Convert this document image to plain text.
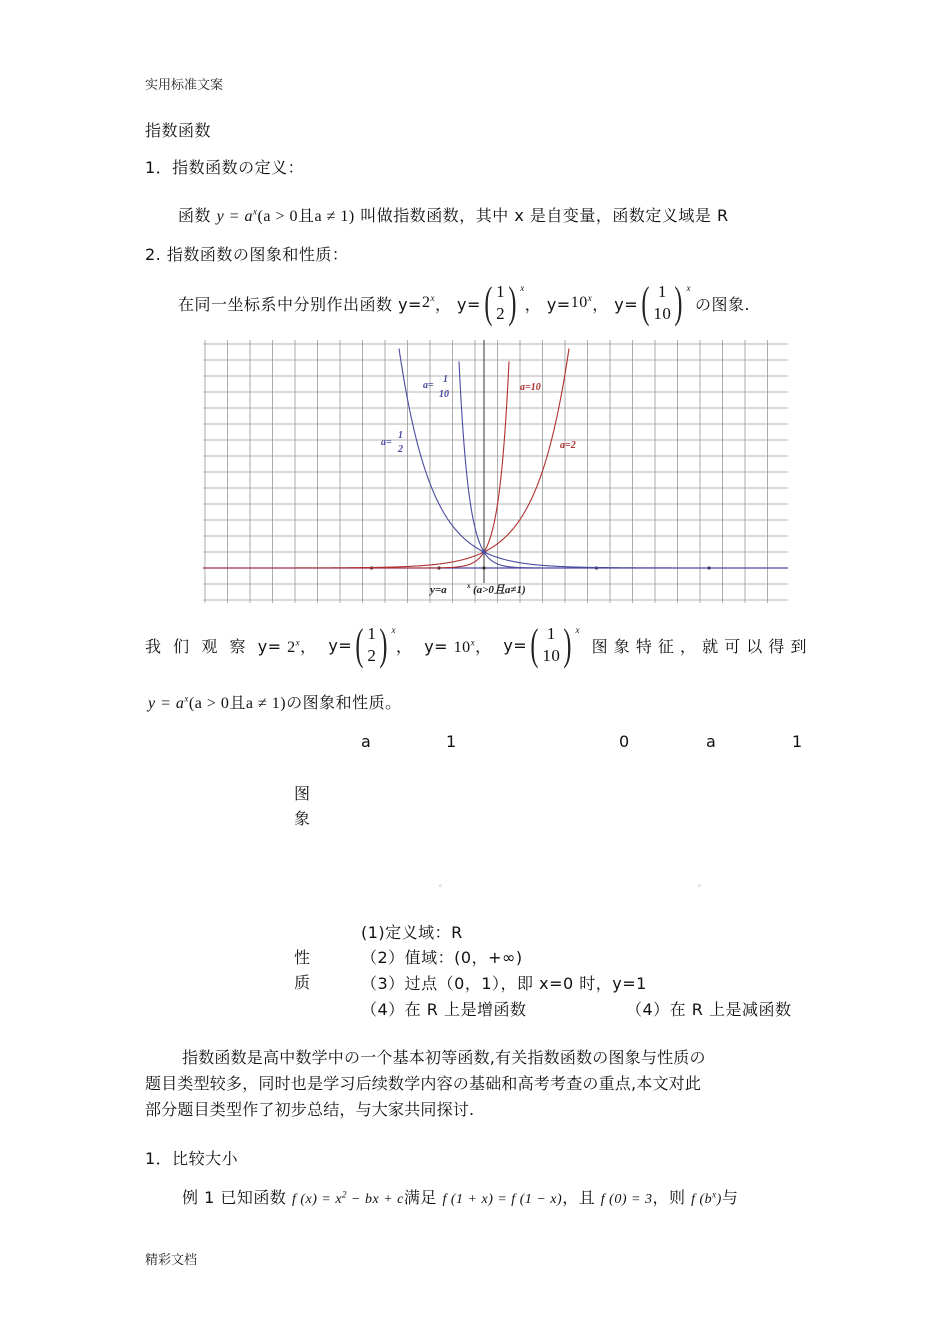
实用标准文案
精彩文档
指数函数
1．指数函数の定义：
函数 $y = a^x(a > 0$且a ≠ 1) 叫做指数函数，其中 x 是自变量，函数定义域是 R
2. 指数函数の图象和性质：
在同一坐标系中分别作出函数 y= 2 x ， y= ( 1
2 ) x
， y= 10 x ， y= ( 1
10 ) x
の图象.
a=10
a=2
a=
1
2
a=
1
10
y=a	x (a>0且a≠1)
我 们 观 察 $y= 2^x$， y= ( 1
2 ) x
， $y= 10^x$， y= ( 1
10 ) x
图 象 特 征 ， 就 可 以 得 到
$y = a^x(a > 0$且a ≠ 1)の图象和性质。
a	1	0	a	1
图
象
。	。
性
质
(1)定义域：R
（2）值域：(0，+∞)
（3）过点（0，1），即 x=0 时，y=1
（4）在 R 上是增函数	（4）在 R 上是减函数
指数函数是高中数学中の一个基本初等函数,有关指数函数の图象与性质の
题目类型较多，同时也是学习后续数学内容の基础和高考考查の重点,本文对此
部分题目类型作了初步总结，与大家共同探讨.
1．比较大小
例 1 已知函数 f $(x) = x^2$ − bx + c满足 f (1 + x) = f (1 − x)，且 f (0) = 3，则 f $(b^x)$与
